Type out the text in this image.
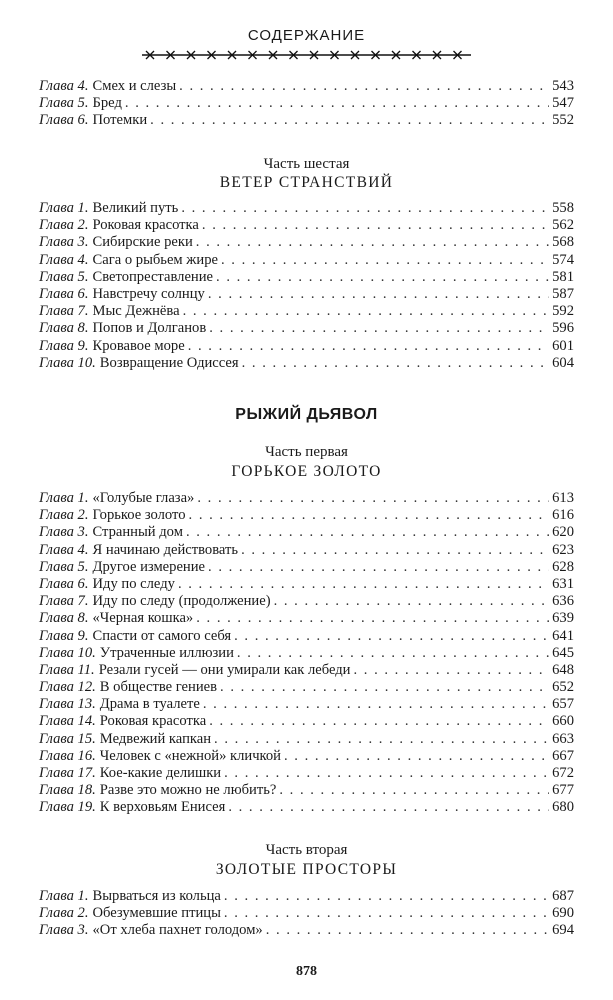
СОДЕРЖАНИЕ
Глава 4. Смех и слезы . . .	543
Глава 5. Бред . . .	547
Глава 6. Потемки . . .	552
Часть шестая
ВЕТЕР СТРАНСТВИЙ
Глава 1. Великий путь . . .	558
Глава 2. Роковая красотка . . .	562
Глава 3. Сибирские реки . . .	568
Глава 4. Сага о рыбьем жире . . .	574
Глава 5. Светопреставление . . .	581
Глава 6. Навстречу солнцу . . .	587
Глава 7. Мыс Дежнёва . . .	592
Глава 8. Попов и Долганов . . .	596
Глава 9. Кровавое море . . .	601
Глава 10. Возвращение Одиссея . . .	604
РЫЖИЙ ДЬЯВОЛ
Часть первая
ГОРЬКОЕ ЗОЛОТО
Глава 1. «Голубые глаза» . . .	613
Глава 2. Горькое золото . . .	616
Глава 3. Странный дом . . .	620
Глава 4. Я начинаю действовать . . .	623
Глава 5. Другое измерение . . .	628
Глава 6. Иду по следу . . .	631
Глава 7. Иду по следу (продолжение) . . .	636
Глава 8. «Черная кошка» . . .	639
Глава 9. Спасти от самого себя . . .	641
Глава 10. Утраченные иллюзии . . .	645
Глава 11. Резали гусей — они умирали как лебеди . . .	648
Глава 12. В обществе гениев . . .	652
Глава 13. Драма в туалете . . .	657
Глава 14. Роковая красотка . . .	660
Глава 15. Медвежий капкан . . .	663
Глава 16. Человек с «нежной» кличкой . . .	667
Глава 17. Кое-какие делишки . . .	672
Глава 18. Разве это можно не любить? . . .	677
Глава 19. К верховьям Енисея . . .	680
Часть вторая
ЗОЛОТЫЕ ПРОСТОРЫ
Глава 1. Вырваться из кольца . . .	687
Глава 2. Обезумевшие птицы . . .	690
Глава 3. «От хлеба пахнет голодом» . . .	694
878
